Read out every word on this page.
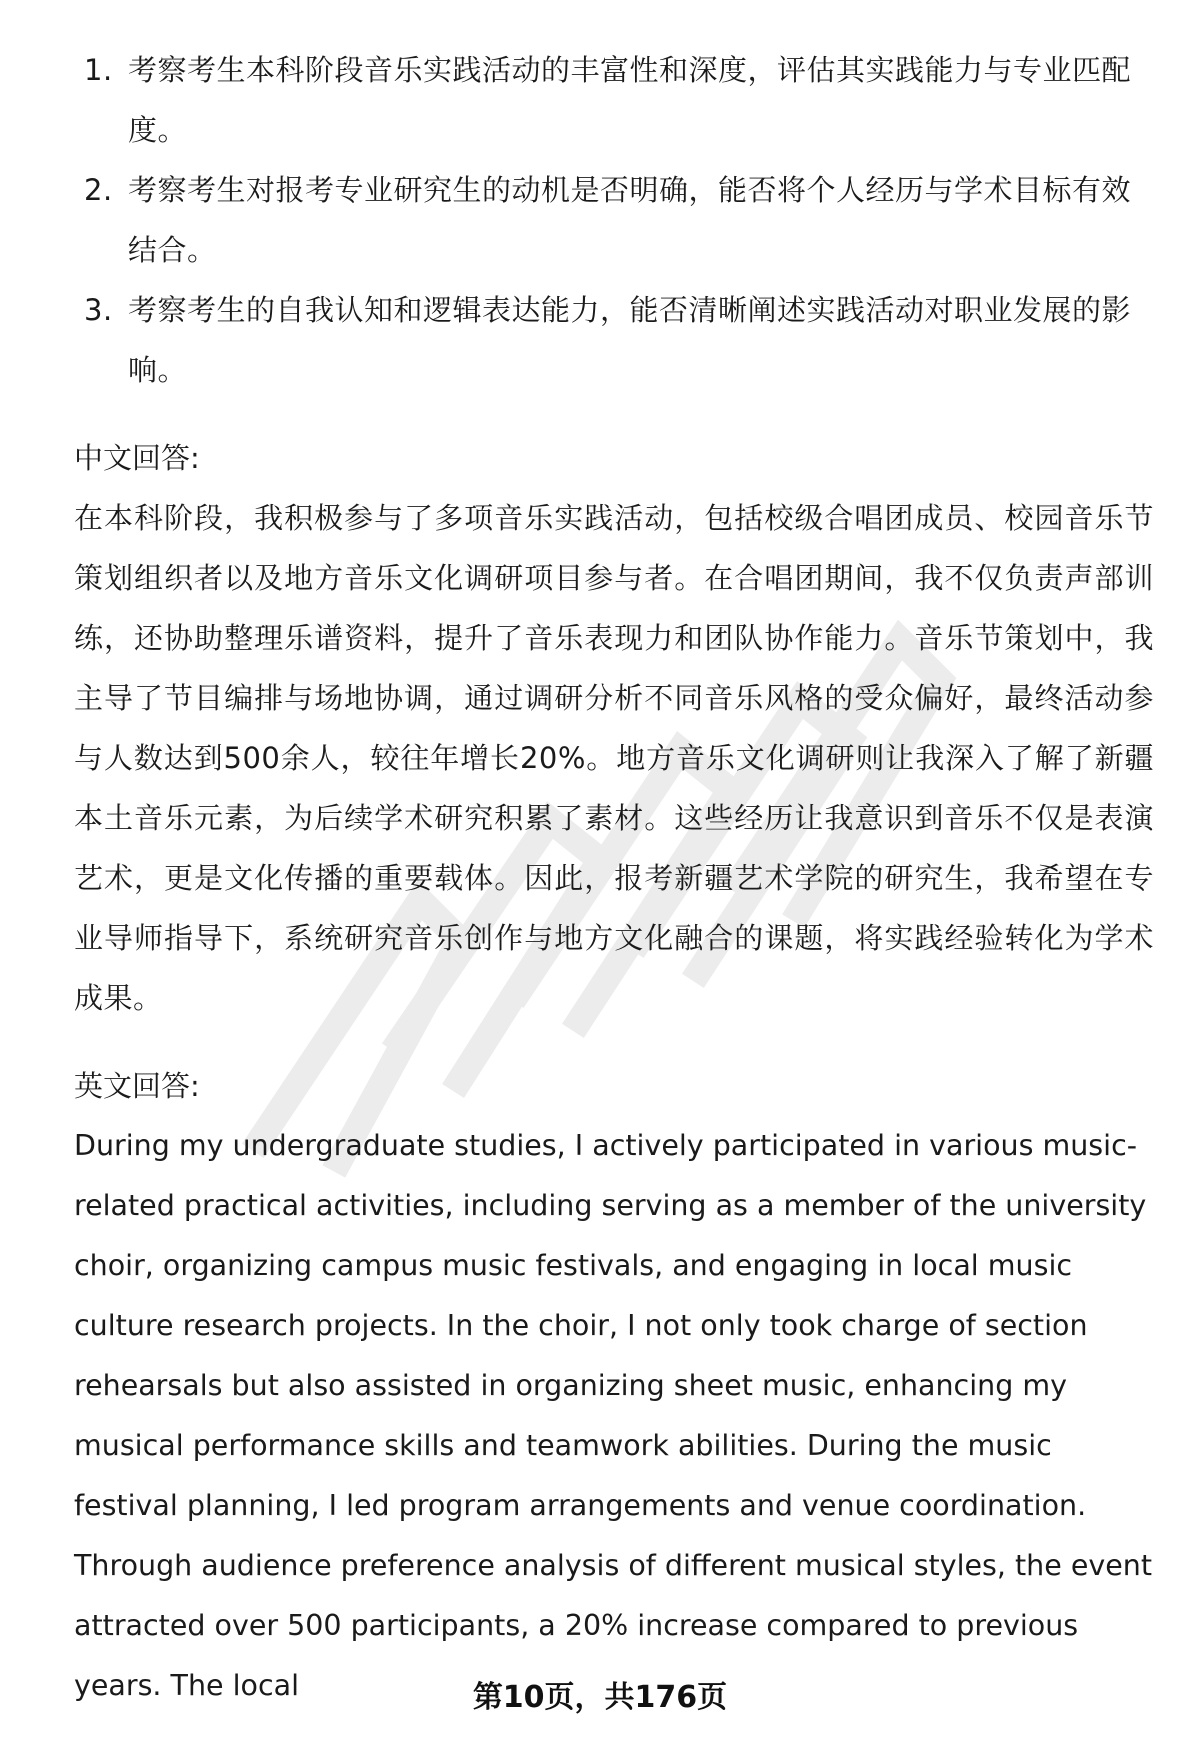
1. 考察考生本科阶段音乐实践活动的丰富性和深度，评估其实践能力与专业匹配度。
2. 考察考生对报考专业研究生的动机是否明确，能否将个人经历与学术目标有效结合。
3. 考察考生的自我认知和逻辑表达能力，能否清晰阐述实践活动对职业发展的影响。
中文回答:

在本科阶段，我积极参与了多项音乐实践活动，包括校级合唱团成员、校园音乐节策划组织者以及地方音乐文化调研项目参与者。在合唱团期间，我不仅负责声部训练，还协助整理乐谱资料，提升了音乐表现力和团队协作能力。音乐节策划中，我主导了节目编排与场地协调，通过调研分析不同音乐风格的受众偏好，最终活动参与人数达到500余人，较往年增长20%。地方音乐文化调研则让我深入了解了新疆本土音乐元素，为后续学术研究积累了素材。这些经历让我意识到音乐不仅是表演艺术，更是文化传播的重要载体。因此，报考新疆艺术学院的研究生，我希望在专业导师指导下，系统研究音乐创作与地方文化融合的课题，将实践经验转化为学术成果。

英文回答:

During my undergraduate studies, I actively participated in various music-related practical activities, including serving as a member of the university choir, organizing campus music festivals, and engaging in local music culture research projects. In the choir, I not only took charge of section rehearsals but also assisted in organizing sheet music, enhancing my musical performance skills and teamwork abilities. During the music festival planning, I led program arrangements and venue coordination. Through audience preference analysis of different musical styles, the event attracted over 500 participants, a 20% increase compared to previous years. The local	第10页，共176页
